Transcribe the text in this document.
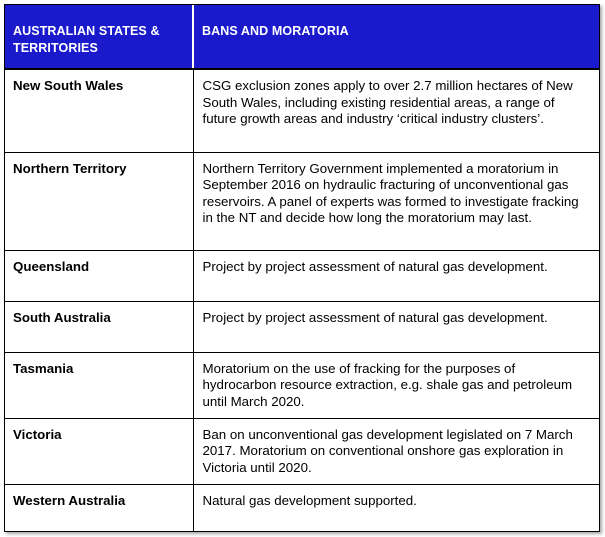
AUSTRALIAN STATES & TERRITORIES	BANS AND MORATORIA
New South Wales	CSG exclusion zones apply to over 2.7 million hectares of New South Wales, including existing residential areas, a range of future growth areas and industry ‘critical industry clusters’.
Northern Territory	Northern Territory Government implemented a moratorium in September 2016 on hydraulic fracturing of unconventional gas reservoirs. A panel of experts was formed to investigate fracking in the NT and decide how long the moratorium may last.
Queensland	Project by project assessment of natural gas development.
South Australia	Project by project assessment of natural gas development.
Tasmania	Moratorium on the use of fracking for the purposes of hydrocarbon resource extraction, e.g. shale gas and petroleum until March 2020.
Victoria	Ban on unconventional gas development legislated on 7 March 2017. Moratorium on conventional onshore gas exploration in Victoria until 2020.
Western Australia	Natural gas development supported.
